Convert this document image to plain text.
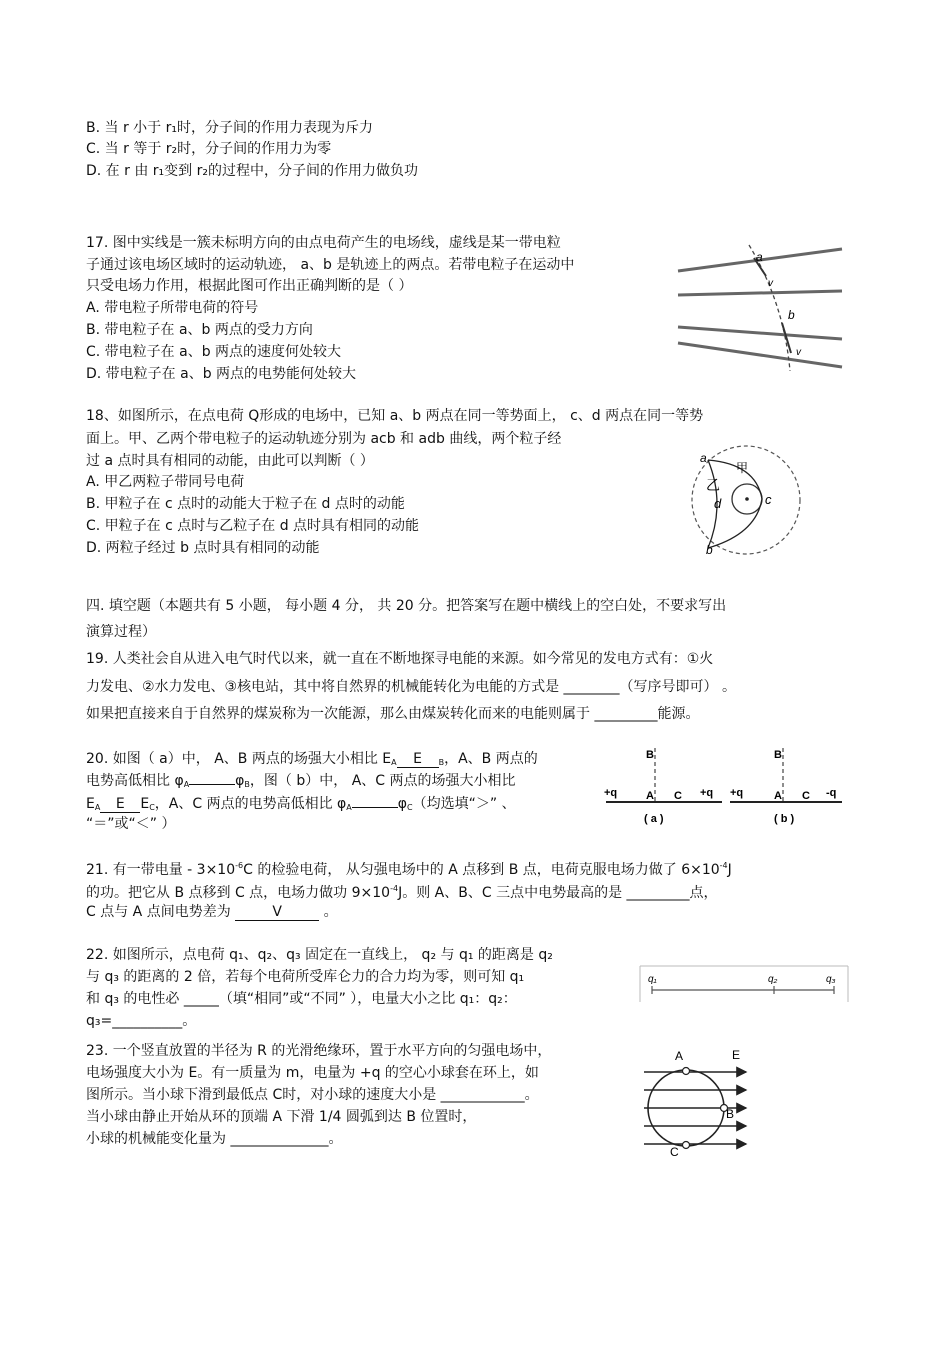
B. 当 r 小于 r₁时，分子间的作用力表现为斥力
C. 当 r 等于 r₂时，分子间的作用力为零
D. 在 r 由 r₁变到 r₂的过程中，分子间的作用力做负功
17. 图中实线是一簇未标明方向的由点电荷产生的电场线，虚线是某一带电粒
子通过该电场区域时的运动轨迹， a、b 是轨迹上的两点。若带电粒子在运动中
只受电场力作用，根据此图可作出正确判断的是（ ）
A. 带电粒子所带电荷的符号
B. 带电粒子在 a、b 两点的受力方向
C. 带电粒子在 a、b 两点的速度何处较大
D. 带电粒子在 a、b 两点的电势能何处较大
a
v
b
v
18、如图所示，在点电荷 Q形成的电场中，已知 a、b 两点在同一等势面上， c、d 两点在同一等势
面上。甲、乙两个带电粒子的运动轨迹分别为 acb 和 adb 曲线，两个粒子经
过 a 点时具有相同的动能，由此可以判断（ ）
A. 甲乙两粒子带同号电荷
B. 甲粒子在 c 点时的动能大于粒子在 d 点时的动能
C. 甲粒子在 c 点时与乙粒子在 d 点时具有相同的动能
D. 两粒子经过 b 点时具有相同的动能
a
甲
乙
d	c
b
四. 填空题（本题共有 5 小题， 每小题 4 分， 共 20 分。把答案写在题中横线上的空白处，不要求写出
演算过程）
19. 人类社会自从进入电气时代以来，就一直在不断地探寻电能的来源。如今常见的发电方式有：①火
力发电、②水力发电、③核电站，其中将自然界的机械能转化为电能的方式是 ________（写序号即可） 。
如果把直接来自于自然界的煤炭称为一次能源，那么由煤炭转化而来的电能则属于 _________能源。
20. 如图（ a）中， A、B 两点的场强大小相比 $E_A$ E $_B$，A、B 两点的
电势高低相比 $\varphi_A$	$\varphi_B$，图（ b）中， A、C 两点的场强大小相比
$E_A$ E $E_C$，A、C 两点的电势高低相比 $\varphi_A$	$\varphi_C$（均选填“＞” 、
“＝”或“＜” ）
B
A C
+q	+q
( a )
B
A C
+q	-q
( b )
21. 有一带电量 - $3\times 10^{-6}C$ 的检验电荷， 从匀强电场中的 A 点移到 B 点，电荷克服电场力做了 $6\times 10^{-4}J$
的功。把它从 B 点移到 C 点，电场力做功 $9\times 10^{-4}J$。则 A、B、C 三点中电势最高的是 _________点，
C 点与 A 点间电势差为	V	。
22. 如图所示，点电荷 q₁、q₂、q₃ 固定在一直线上， q₂ 与 q₁ 的距离是 q₂
与 q₃ 的距离的 2 倍，若每个电荷所受库仑力的合力均为零，则可知 q₁
和 q₃ 的电性必 _____（填“相同”或“不同” ），电量大小之比 q₁：q₂：
q₃=__________。
q₁	q₂	q₃
23. 一个竖直放置的半径为 R 的光滑绝缘环，置于水平方向的匀强电场中，
电场强度大小为 E。有一质量为 m，电量为 +q 的空心小球套在环上，如
图所示。当小球下滑到最低点 C时，对小球的速度大小是 ____________。
当小球由静止开始从环的顶端 A 下滑 1/4 圆弧到达 B 位置时，
小球的机械能变化量为 ______________。
A	E
B
C
